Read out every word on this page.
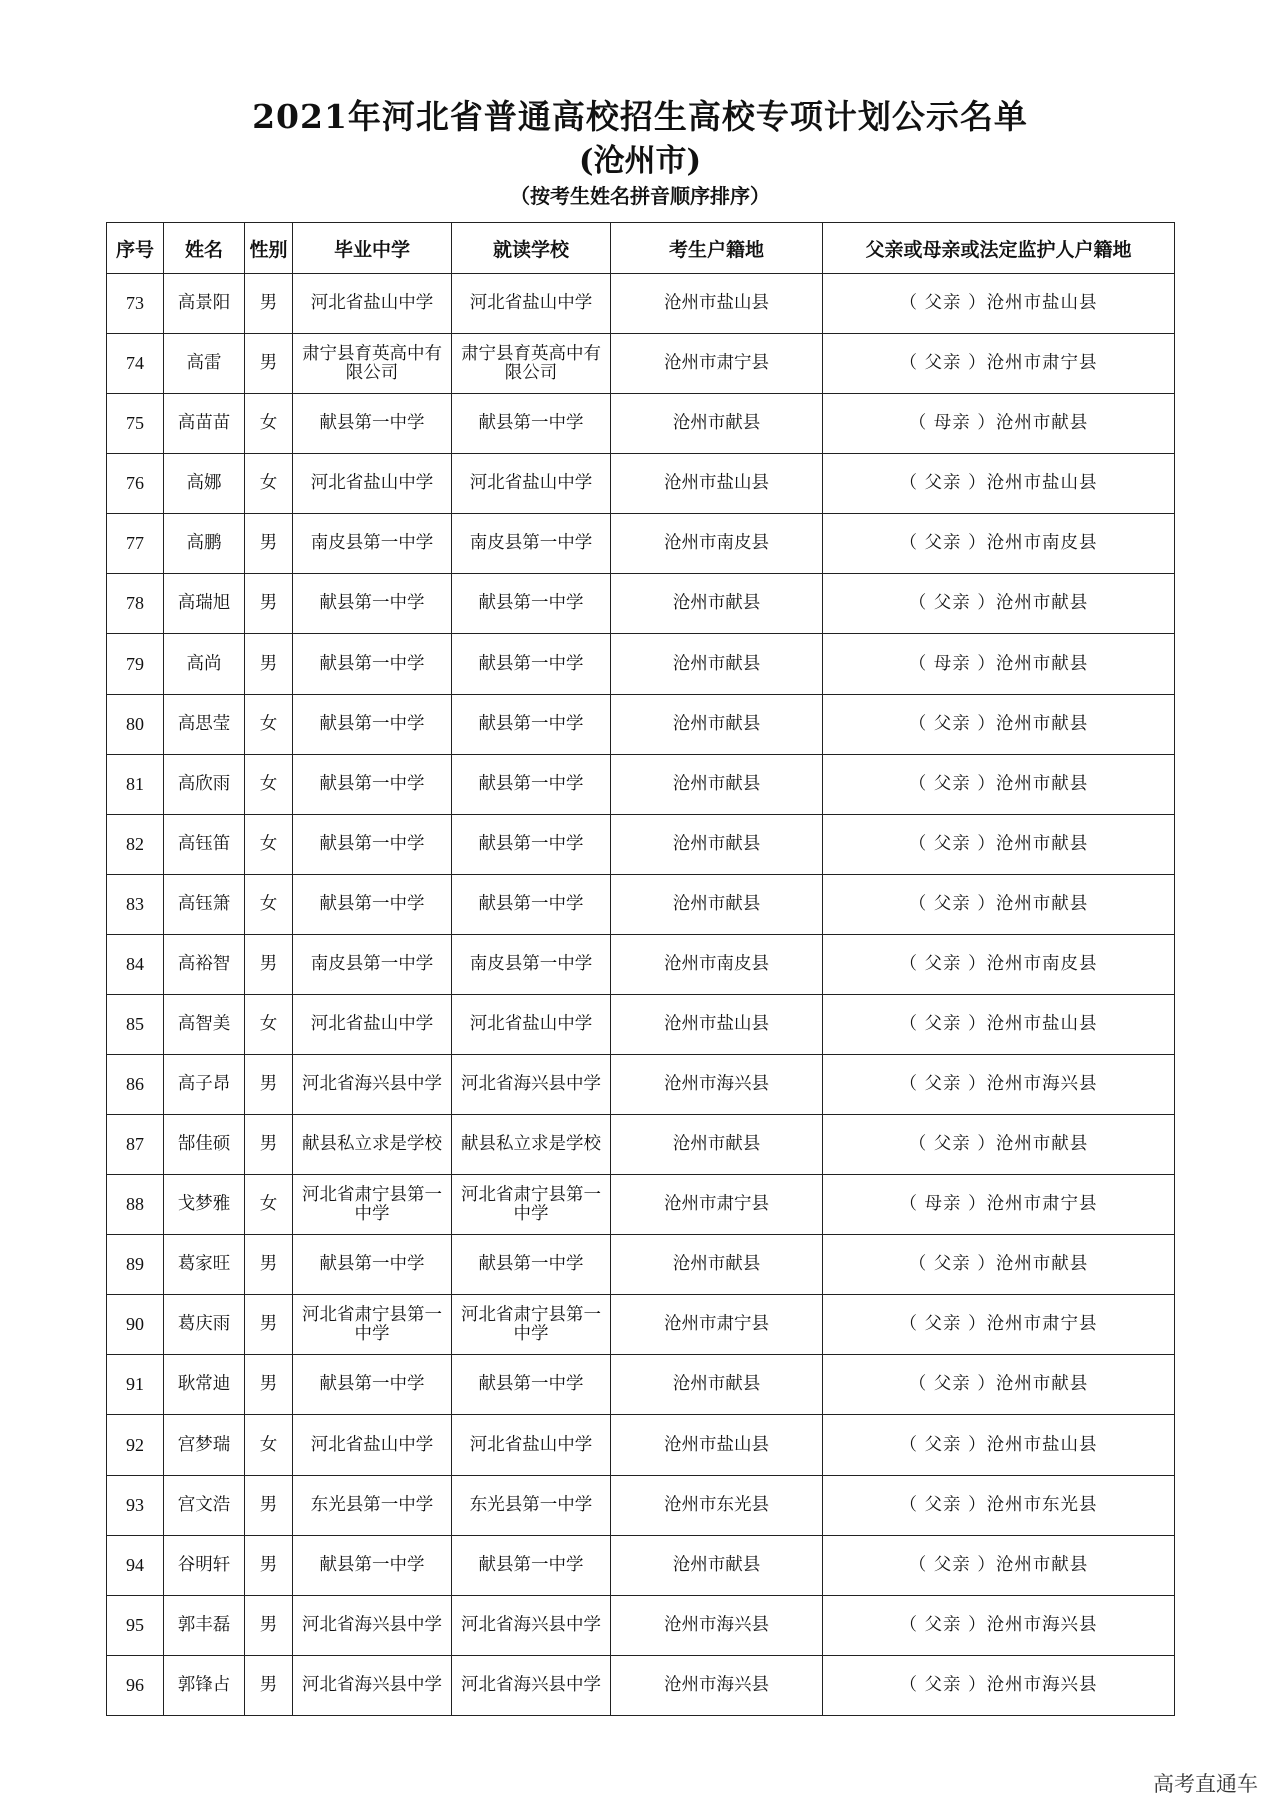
2021年河北省普通高校招生高校专项计划公示名单
(沧州市)
（按考生姓名拼音顺序排序）
序号	姓名	性别	毕业中学	就读学校	考生户籍地	父亲或母亲或法定监护人户籍地
73	高景阳	男	河北省盐山中学	河北省盐山中学	沧州市盐山县	（ 父亲 ）沧州市盐山县
74	高雷	男	肃宁县育英高中有限公司	肃宁县育英高中有限公司	沧州市肃宁县	（ 父亲 ）沧州市肃宁县
75	高苗苗	女	献县第一中学	献县第一中学	沧州市献县	（ 母亲 ）沧州市献县
76	高娜	女	河北省盐山中学	河北省盐山中学	沧州市盐山县	（ 父亲 ）沧州市盐山县
77	高鹏	男	南皮县第一中学	南皮县第一中学	沧州市南皮县	（ 父亲 ）沧州市南皮县
78	高瑞旭	男	献县第一中学	献县第一中学	沧州市献县	（ 父亲 ）沧州市献县
79	高尚	男	献县第一中学	献县第一中学	沧州市献县	（ 母亲 ）沧州市献县
80	高思莹	女	献县第一中学	献县第一中学	沧州市献县	（ 父亲 ）沧州市献县
81	高欣雨	女	献县第一中学	献县第一中学	沧州市献县	（ 父亲 ）沧州市献县
82	高钰笛	女	献县第一中学	献县第一中学	沧州市献县	（ 父亲 ）沧州市献县
83	高钰箫	女	献县第一中学	献县第一中学	沧州市献县	（ 父亲 ）沧州市献县
84	高裕智	男	南皮县第一中学	南皮县第一中学	沧州市南皮县	（ 父亲 ）沧州市南皮县
85	高智美	女	河北省盐山中学	河北省盐山中学	沧州市盐山县	（ 父亲 ）沧州市盐山县
86	高子昂	男	河北省海兴县中学	河北省海兴县中学	沧州市海兴县	（ 父亲 ）沧州市海兴县
87	郜佳硕	男	献县私立求是学校	献县私立求是学校	沧州市献县	（ 父亲 ）沧州市献县
88	戈梦雅	女	河北省肃宁县第一中学	河北省肃宁县第一中学	沧州市肃宁县	（ 母亲 ）沧州市肃宁县
89	葛家旺	男	献县第一中学	献县第一中学	沧州市献县	（ 父亲 ）沧州市献县
90	葛庆雨	男	河北省肃宁县第一中学	河北省肃宁县第一中学	沧州市肃宁县	（ 父亲 ）沧州市肃宁县
91	耿常迪	男	献县第一中学	献县第一中学	沧州市献县	（ 父亲 ）沧州市献县
92	宫梦瑞	女	河北省盐山中学	河北省盐山中学	沧州市盐山县	（ 父亲 ）沧州市盐山县
93	宫文浩	男	东光县第一中学	东光县第一中学	沧州市东光县	（ 父亲 ）沧州市东光县
94	谷明轩	男	献县第一中学	献县第一中学	沧州市献县	（ 父亲 ）沧州市献县
95	郭丰磊	男	河北省海兴县中学	河北省海兴县中学	沧州市海兴县	（ 父亲 ）沧州市海兴县
96	郭锋占	男	河北省海兴县中学	河北省海兴县中学	沧州市海兴县	（ 父亲 ）沧州市海兴县
高考直通车
